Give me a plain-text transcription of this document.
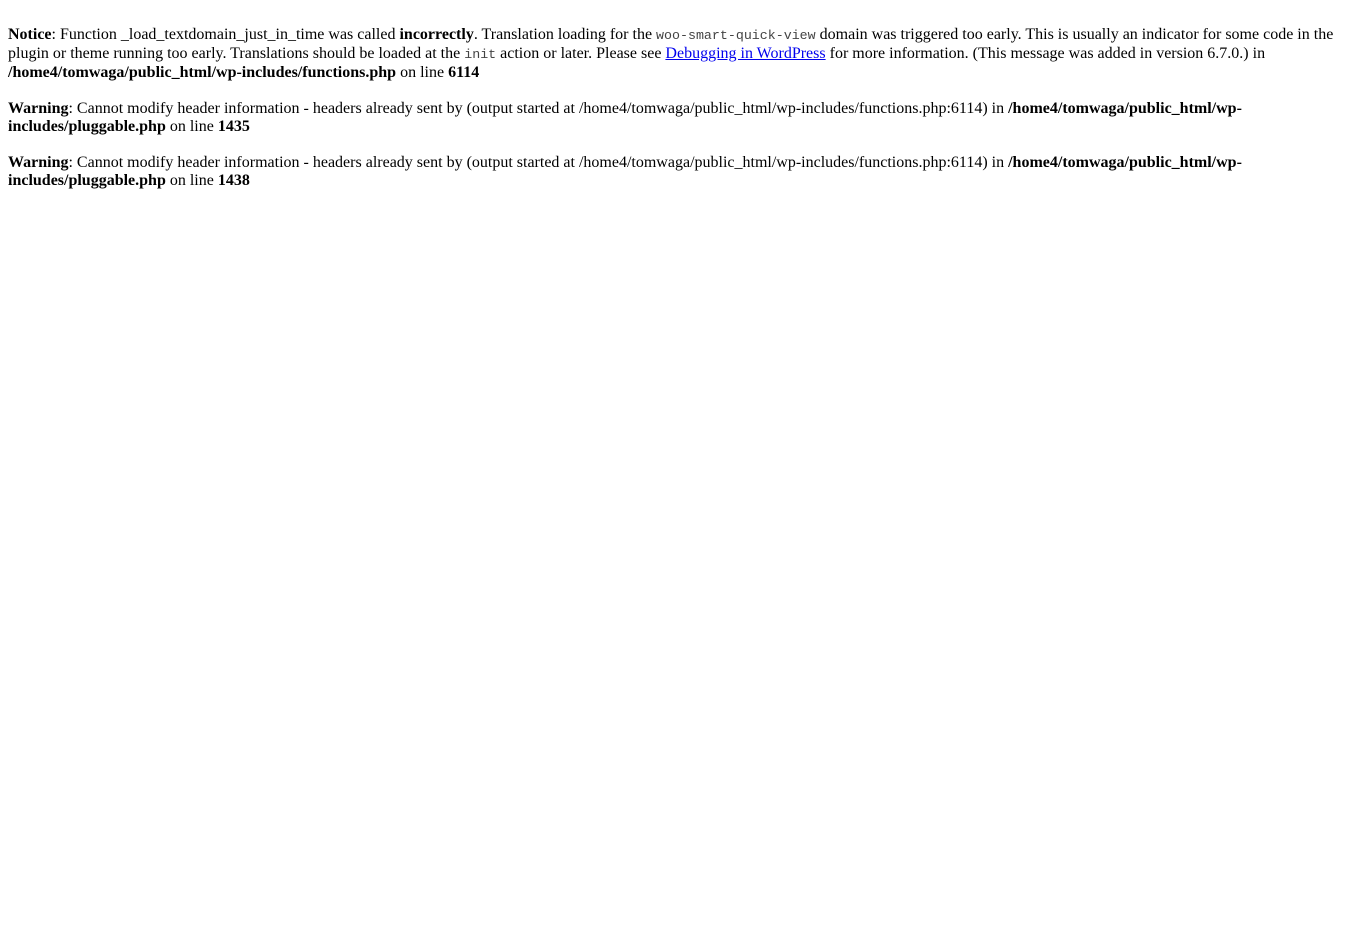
Notice: Function _load_textdomain_just_in_time was called incorrectly. Translation loading for the woo-smart-quick-view domain was triggered too early. This is usually an indicator for some code in the plugin or theme running too early. Translations should be loaded at the init action or later. Please see Debugging in WordPress for more information. (This message was added in version 6.7.0.) in /home4/tomwaga/public_html/wp-includes/functions.php on line 6114

Warning: Cannot modify header information - headers already sent by (output started at /home4/tomwaga/public_html/wp-includes/functions.php:6114) in /home4/tomwaga/public_html/wp-includes/pluggable.php on line 1435

Warning: Cannot modify header information - headers already sent by (output started at /home4/tomwaga/public_html/wp-includes/functions.php:6114) in /home4/tomwaga/public_html/wp-includes/pluggable.php on line 1438
